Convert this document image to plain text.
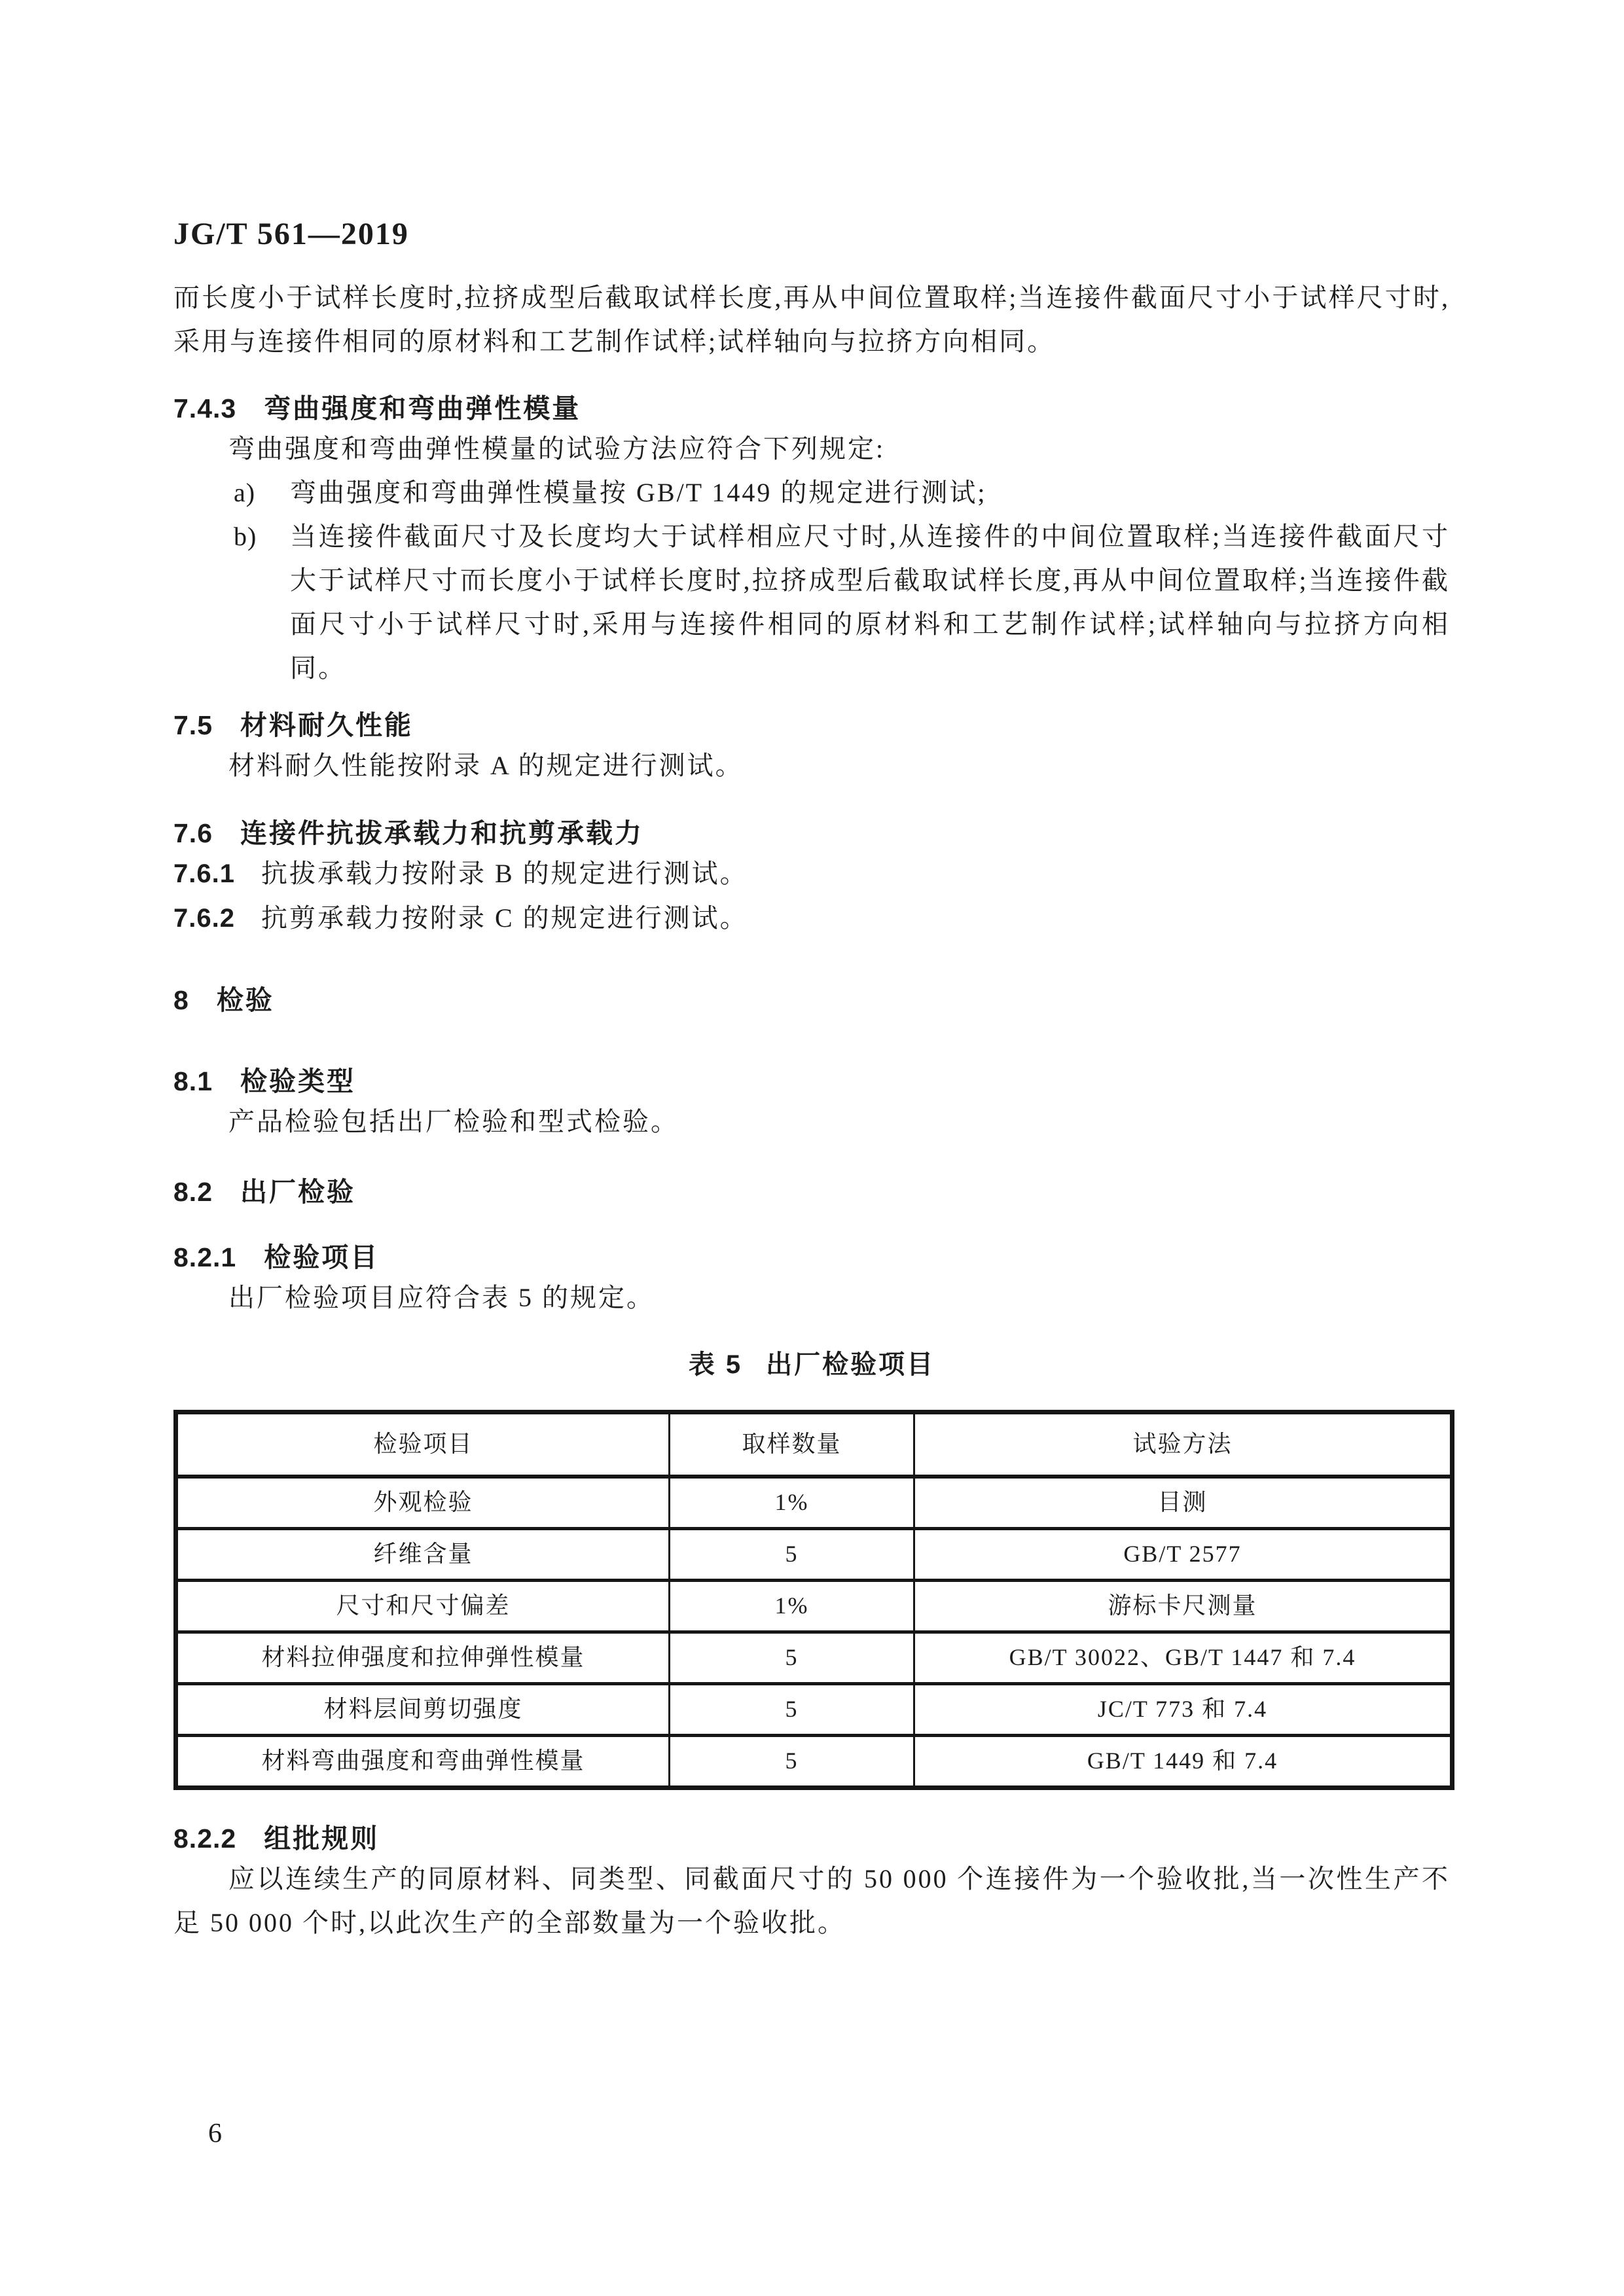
JG/T 561—2019

而长度小于试样长度时,拉挤成型后截取试样长度,再从中间位置取样;当连接件截面尺寸小于试样尺寸时,采用与连接件相同的原材料和工艺制作试样;试样轴向与拉挤方向相同。

7.4.3 弯曲强度和弯曲弹性模量

弯曲强度和弯曲弹性模量的试验方法应符合下列规定:

a) 弯曲强度和弯曲弹性模量按 GB/T 1449 的规定进行测试;
b) 当连接件截面尺寸及长度均大于试样相应尺寸时,从连接件的中间位置取样;当连接件截面尺寸大于试样尺寸而长度小于试样长度时,拉挤成型后截取试样长度,再从中间位置取样;当连接件截面尺寸小于试样尺寸时,采用与连接件相同的原材料和工艺制作试样;试样轴向与拉挤方向相同。
7.5 材料耐久性能

材料耐久性能按附录 A 的规定进行测试。

7.6 连接件抗拔承载力和抗剪承载力

7.6.1 抗拔承载力按附录 B 的规定进行测试。

7.6.2 抗剪承载力按附录 C 的规定进行测试。

8 检验
8.1 检验类型

产品检验包括出厂检验和型式检验。

8.2 出厂检验
8.2.1 检验项目

出厂检验项目应符合表 5 的规定。

表 5 出厂检验项目
检验项目	取样数量	试验方法
外观检验	1%	目测
纤维含量	5	GB/T 2577
尺寸和尺寸偏差	1%	游标卡尺测量
材料拉伸强度和拉伸弹性模量	5	GB/T 30022、GB/T 1447 和 7.4
材料层间剪切强度	5	JC/T 773 和 7.4
材料弯曲强度和弯曲弹性模量	5	GB/T 1449 和 7.4
8.2.2 组批规则

应以连续生产的同原材料、同类型、同截面尺寸的 50 000 个连接件为一个验收批,当一次性生产不足 50 000 个时,以此次生产的全部数量为一个验收批。

6
